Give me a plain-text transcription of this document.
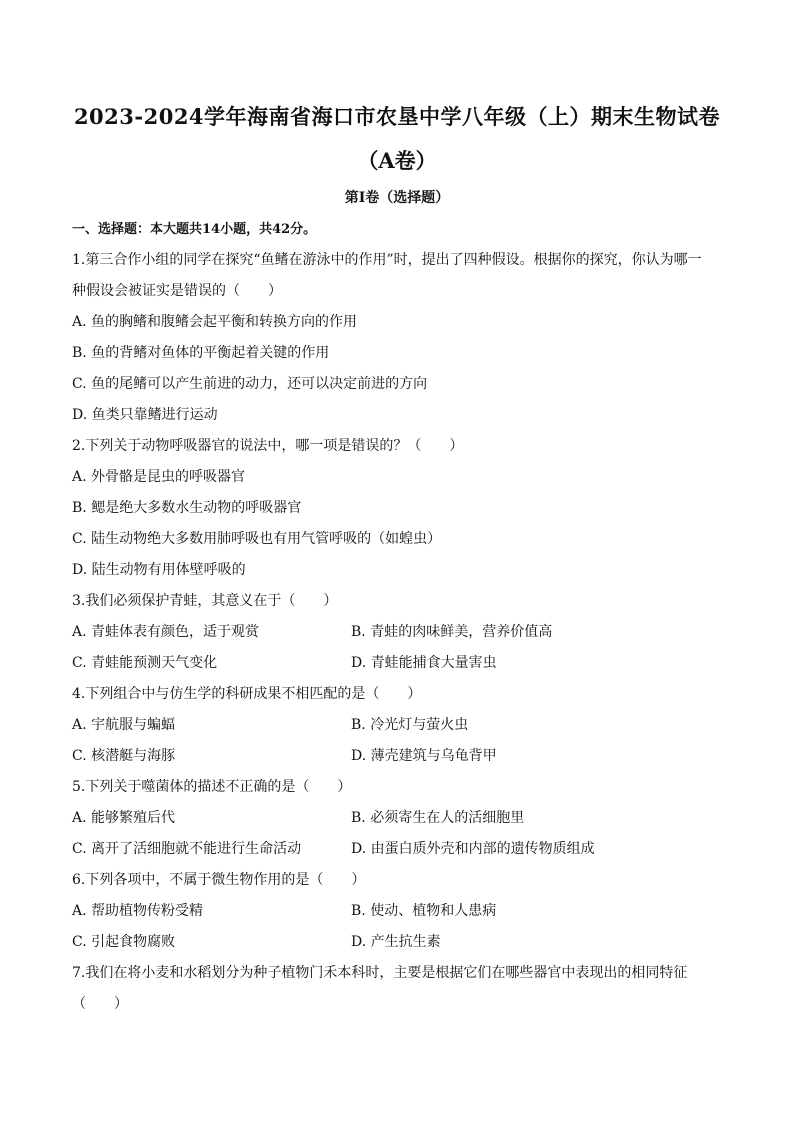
2023-2024学年海南省海口市农垦中学八年级（上）期末生物试卷
（A卷）
第I卷（选择题）
一、选择题：本大题共14小题，共42分。
1.第三合作小组的同学在探究“鱼鳍在游泳中的作用”时，提出了四种假设。根据你的探究，你认为哪一
种假设会被证实是错误的（　　）
A. 鱼的胸鳍和腹鳍会起平衡和转换方向的作用
B. 鱼的背鳍对鱼体的平衡起着关键的作用
C. 鱼的尾鳍可以产生前进的动力，还可以决定前进的方向
D. 鱼类只靠鳍进行运动
2.下列关于动物呼吸器官的说法中，哪一项是错误的？（　　）
A. 外骨骼是昆虫的呼吸器官
B. 鳃是绝大多数水生动物的呼吸器官
C. 陆生动物绝大多数用肺呼吸也有用气管呼吸的（如蝗虫）
D. 陆生动物有用体壁呼吸的
3.我们必须保护青蛙，其意义在于（　　）
A. 青蛙体表有颜色，适于观赏	B. 青蛙的肉味鲜美，营养价值高
C. 青蛙能预测天气变化	D. 青蛙能捕食大量害虫
4.下列组合中与仿生学的科研成果不相匹配的是（　　）
A. 宇航服与蝙蝠	B. 冷光灯与萤火虫
C. 核潜艇与海豚	D. 薄壳建筑与乌龟背甲
5.下列关于噬菌体的描述不正确的是（　　）
A. 能够繁殖后代	B. 必须寄生在人的活细胞里
C. 离开了活细胞就不能进行生命活动	D. 由蛋白质外壳和内部的遗传物质组成
6.下列各项中，不属于微生物作用的是（　　）
A. 帮助植物传粉受精	B. 使动、植物和人患病
C. 引起食物腐败	D. 产生抗生素
7.我们在将小麦和水稻划分为种子植物门禾本科时，主要是根据它们在哪些器官中表现出的相同特征
（　　）
